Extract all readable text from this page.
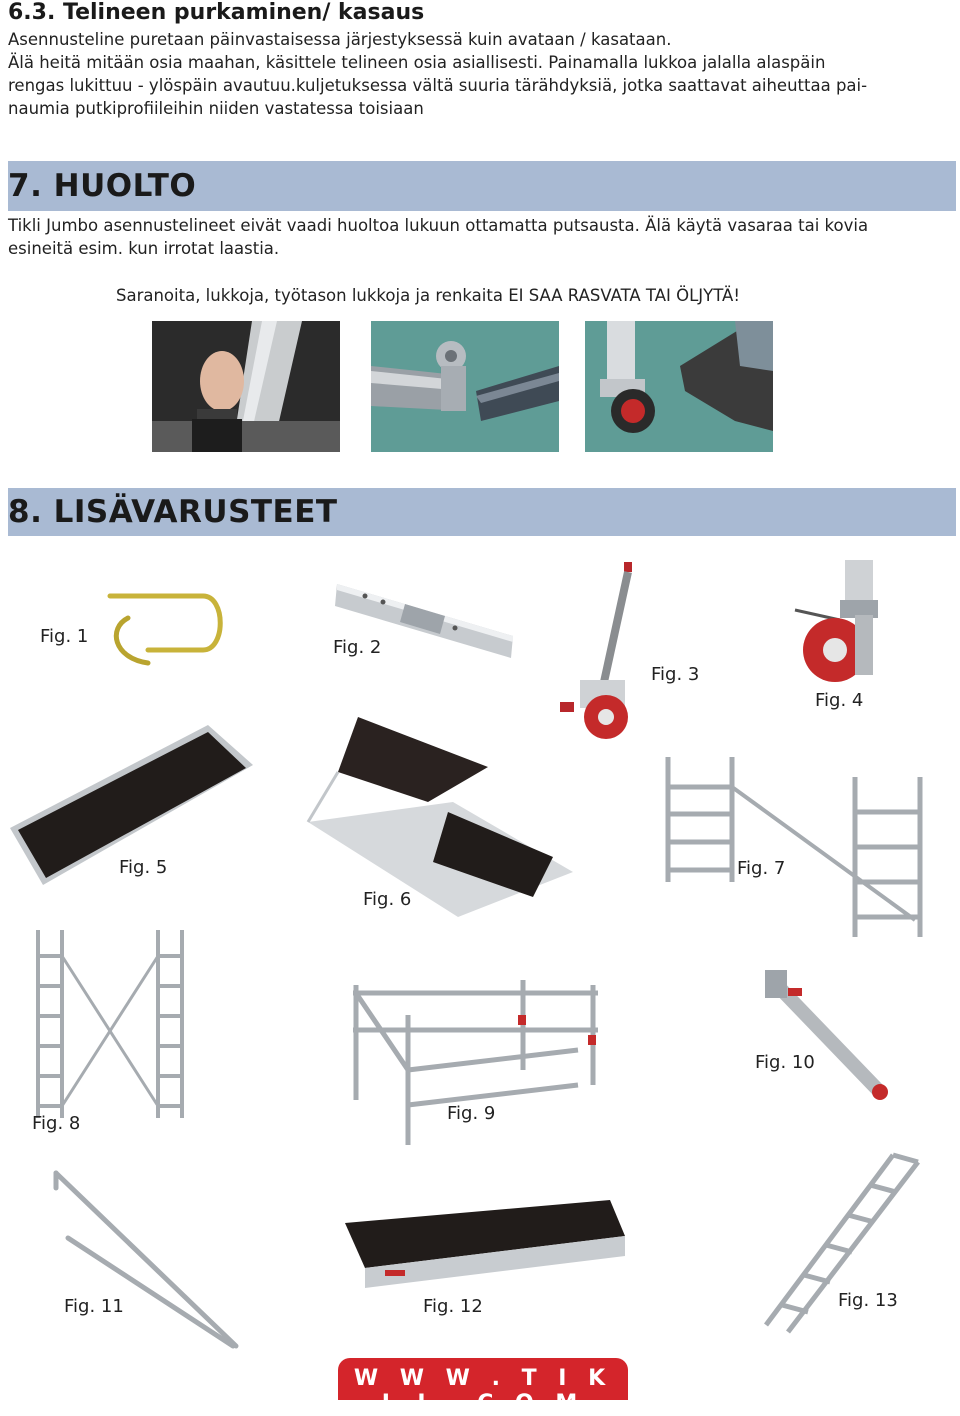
6.3. Telineen purkaminen/ kasaus
Asennusteline puretaan päinvastaisessa järjestyksessä kuin avataan / kasataan.
Älä heitä mitään osia maahan, käsittele telineen osia asiallisesti. Painamalla lukkoa jalalla alaspäin
rengas lukittuu - ylöspäin avautuu.kuljetuksessa vältä suuria tärähdyksiä, jotka saattavat aiheuttaa pai-
naumia putkiprofiileihin niiden vastatessa toisiaan
7. HUOLTO
Tikli Jumbo asennustelineet eivät vaadi huoltoa lukuun ottamatta putsausta. Älä käytä vasaraa tai kovia
esineitä esim. kun irrotat laastia.
Saranoita, lukkoja, työtason lukkoja ja renkaita EI SAA RASVATA TAI ÖLJYTÄ!
8. LISÄVARUSTEET
Fig. 1
Fig. 2
Fig. 3
Fig. 4
Fig. 5
Fig. 6
Fig. 7
Fig. 8	Fig. 9
Fig. 10
Fig. 11	Fig. 12	Fig. 13
W W W . T I K L I . C O M
